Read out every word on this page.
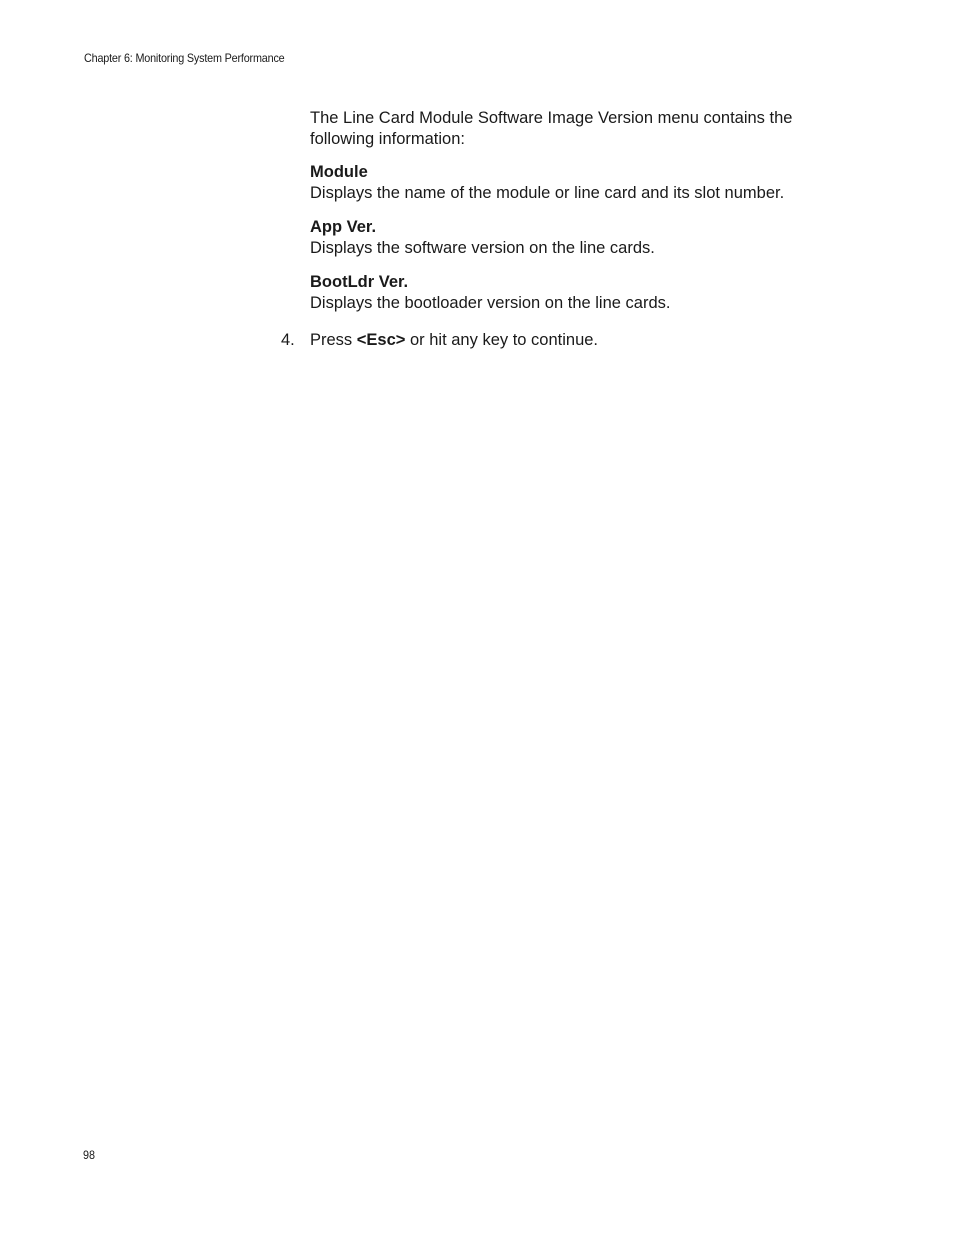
Chapter 6: Monitoring System Performance

The Line Card Module Software Image Version menu contains the
following information:

Module
Displays the name of the module or line card and its slot number.
App Ver.
Displays the software version on the line cards.
BootLdr Ver.
Displays the bootloader version on the line cards.
4. Press <Esc> or hit any key to continue.
98
